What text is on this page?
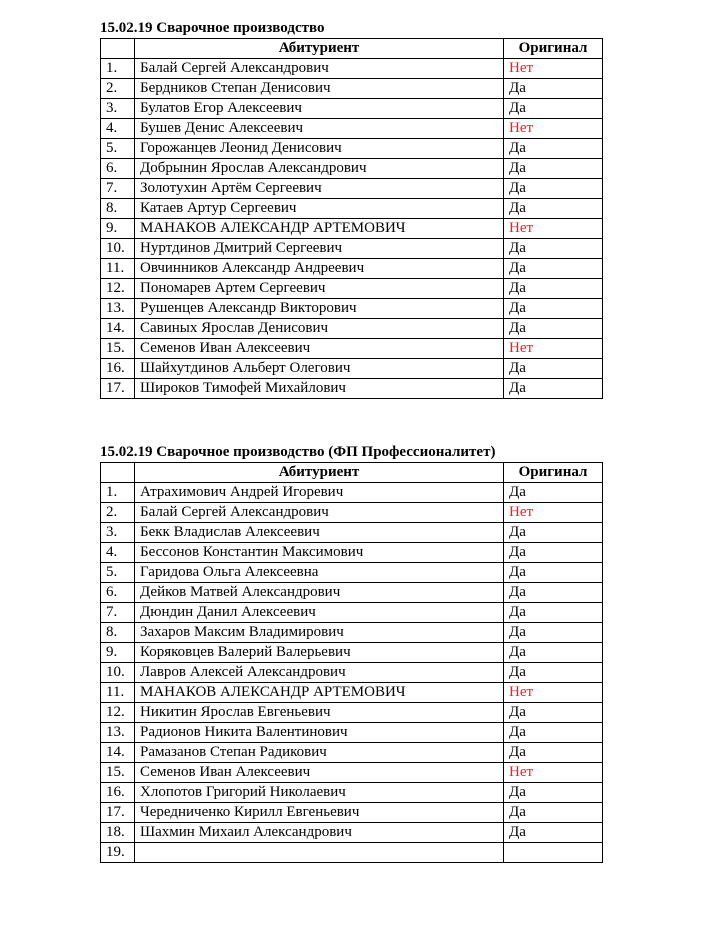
15.02.19 Сварочное производство
	Абитуриент	Оригинал
1.	Балай Сергей Александрович	Нет
2.	Бердников Степан Денисович	Да
3.	Булатов Егор Алексеевич	Да
4.	Бушев Денис Алексеевич	Нет
5.	Горожанцев Леонид Денисович	Да
6.	Добрынин Ярослав Александрович	Да
7.	Золотухин Артём Сергеевич	Да
8.	Катаев Артур Сергеевич	Да
9.	МАНАКОВ АЛЕКСАНДР АРТЕМОВИЧ	Нет
10.	Нуртдинов Дмитрий Сергеевич	Да
11.	Овчинников Александр Андреевич	Да
12.	Пономарев Артем Сергеевич	Да
13.	Рушенцев Александр Викторович	Да
14.	Савиных Ярослав Денисович	Да
15.	Семенов Иван Алексеевич	Нет
16.	Шайхутдинов Альберт Олегович	Да
17.	Широков Тимофей Михайлович	Да
15.02.19 Сварочное производство (ФП Профессионалитет)
	Абитуриент	Оригинал
1.	Атрахимович Андрей Игоревич	Да
2.	Балай Сергей Александрович	Нет
3.	Бекк Владислав Алексеевич	Да
4.	Бессонов Константин Максимович	Да
5.	Гаридова Ольга Алексеевна	Да
6.	Дейков Матвей Александрович	Да
7.	Дюндин Данил Алексеевич	Да
8.	Захаров Максим Владимирович	Да
9.	Коряковцев Валерий Валерьевич	Да
10.	Лавров Алексей Александрович	Да
11.	МАНАКОВ АЛЕКСАНДР АРТЕМОВИЧ	Нет
12.	Никитин Ярослав Евгеньевич	Да
13.	Радионов Никита Валентинович	Да
14.	Рамазанов Степан Радикович	Да
15.	Семенов Иван Алексеевич	Нет
16.	Хлопотов Григорий Николаевич	Да
17.	Чередниченко Кирилл Евгеньевич	Да
18.	Шахмин Михаил Александрович	Да
19.		
